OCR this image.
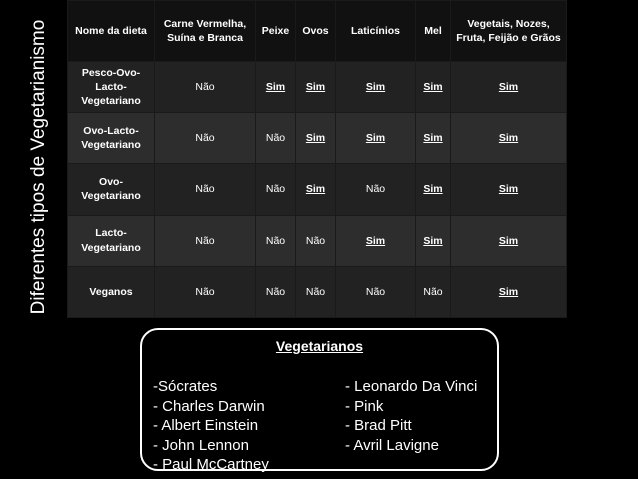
Diferentes tipos de Vegetarianismo Nome da dieta	Carne Vermelha, Suína e Branca	Peixe	Ovos	Laticínios	Mel	Vegetais, Nozes, Fruta, Feijão e Grãos
Pesco-Ovo-Lacto-Vegetariano	Não	Sim	Sim	Sim	Sim	Sim
Ovo-Lacto-Vegetariano	Não	Não	Sim	Sim	Sim	Sim
Ovo-Vegetariano	Não	Não	Sim	Não	Sim	Sim
Lacto-Vegetariano	Não	Não	Não	Sim	Sim	Sim
Veganos	Não	Não	Não	Não	Não	Sim
Vegetarianos
-Sócrates
- Charles Darwin
- Albert Einstein
- John Lennon
- Paul McCartney
- Leonardo Da Vinci
- Pink
- Brad Pitt
- Avril Lavigne
